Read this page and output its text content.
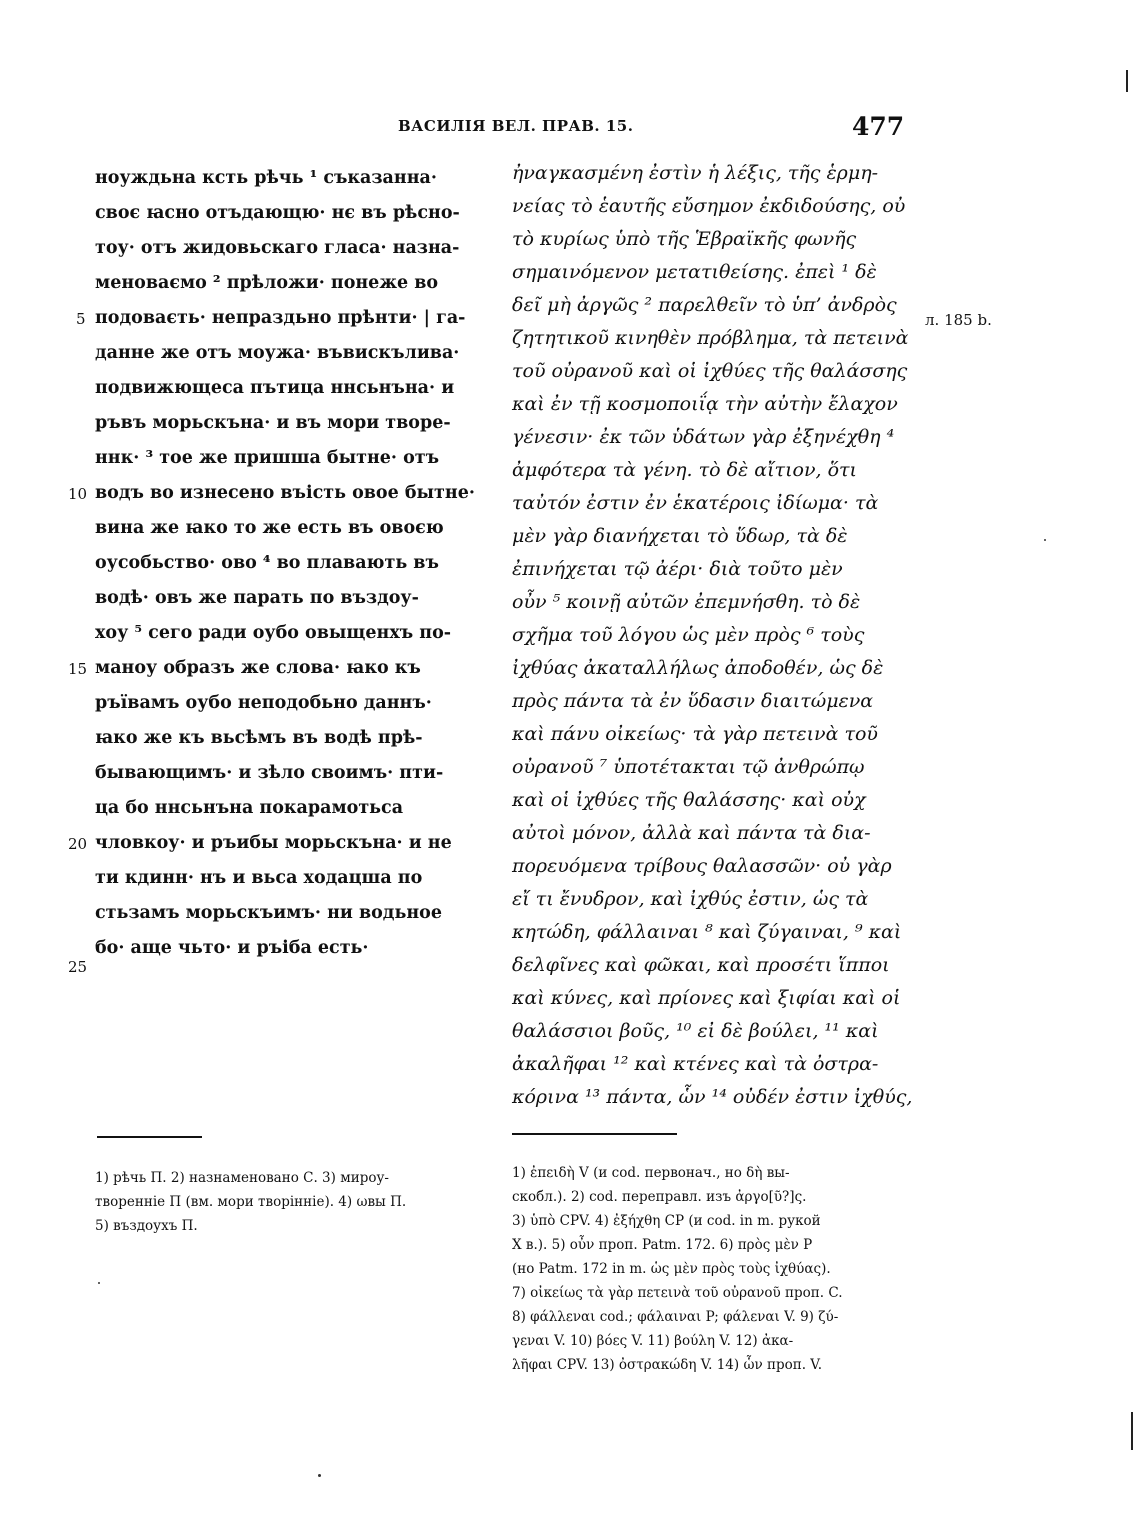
ВАСИЛІЯ ВЕЛ. ПРАВ. 15.	477
ноуждьна ксть рѣчь ¹ съказанна·
своє ꙗсно отъдающю· нє въ рѣсно-
тоу· отъ жидовьскаго гласа· назна-
меноваємо ² прѣложи· понеже во
подоваєть· непраздьно прѣнти· | га-
данне же отъ моужа· въвискълива·
подвижющеса пътица ннсьнъна· и
ръвъ морьскъна· и въ мори творе-
ннк· ³ тое же пришша бытне· отъ
водъ во изнесено въість овое бытне·
вина же ꙗко то же есть въ овоєю
оусобьство· ово ⁴ во плавають въ
водѣ· овъ же парать по въздоу-
хоу ⁵ сего ради оубо овыщенхъ по-
маноу образъ же слова· ꙗко къ
ръївамъ оубо неподобьно даннъ·
ꙗко же къ вьсѣмъ въ водѣ прѣ-
бывающимъ· и зѣло своимъ· пти-
ца бо ннсьнъна покарамотьса
чловкоу· и ръибы морьскъна· и не
ти кдинн· нъ и вьса ходацша по
стьзамъ морьскъимъ· ни водьное
бо· аще чьто· и ръіба есть·
5
10
15
20
25
ἠναγκασμένη ἐστὶν ἡ λέξις, τῆς ἑρμη-
νείας τὸ ἑαυτῆς εὔσημον ἐκδιδούσης, οὐ
τὸ κυρίως ὑπὸ τῆς Ἑβραϊκῆς φωνῆς
σημαινόμενον μετατιθείσης. ἐπεὶ ¹ δὲ
δεῖ μὴ ἀργῶς ² παρελθεῖν τὸ ὑπ’ ἀνδρὸς
ζητητικοῦ κινηθὲν πρόβλημα, τὰ πετεινὰ
τοῦ οὐρανοῦ καὶ οἱ ἰχθύες τῆς θαλάσσης
καὶ ἐν τῇ κοσμοποιΐᾳ τὴν αὐτὴν ἔλαχον
γένεσιν· ἐκ τῶν ὑδάτων γὰρ ἐξηνέχθη ⁴
ἀμφότερα τὰ γένη. τὸ δὲ αἴτιον, ὅτι
ταὐτόν ἐστιν ἐν ἑκατέροις ἰδίωμα· τὰ
μὲν γὰρ διανήχεται τὸ ὕδωρ, τὰ δὲ
ἐπινήχεται τῷ ἀέρι· διὰ τοῦτο μὲν
οὖν ⁵ κοινῇ αὐτῶν ἐπεμνήσθη. τὸ δὲ
σχῆμα τοῦ λόγου ὡς μὲν πρὸς ⁶ τοὺς
ἰχθύας ἀκαταλλήλως ἀποδοθέν, ὡς δὲ
πρὸς πάντα τὰ ἐν ὕδασιν διαιτώμενα
καὶ πάνυ οἰκείως· τὰ γὰρ πετεινὰ τοῦ
οὐρανοῦ ⁷ ὑποτέτακται τῷ ἀνθρώπῳ
καὶ οἱ ἰχθύες τῆς θαλάσσης· καὶ οὐχ
αὐτοὶ μόνον, ἀλλὰ καὶ πάντα τὰ δια-
πορευόμενα τρίβους θαλασσῶν· οὐ γὰρ
εἴ τι ἔνυδρον, καὶ ἰχθύς ἐστιν, ὡς τὰ
κητώδη, φάλλαιναι ⁸ καὶ ζύγαιναι, ⁹ καὶ
δελφῖνες καὶ φῶκαι, καὶ προσέτι ἵπποι
καὶ κύνες, καὶ πρίονες καὶ ξιφίαι καὶ οἱ
θαλάσσιοι βοῦς, ¹⁰ εἰ δὲ βούλει, ¹¹ καὶ
ἀκαλῆφαι ¹² καὶ κτένες καὶ τὰ ὀστρα-
κόρινα ¹³ πάντα, ὧν ¹⁴ οὐδέν ἐστιν ἰχθύς,
л. 185 b.
1) рѣчь П. 2) назнаменовано С. 3) мироу-
творенніе П (вм. мори творінніе). 4) ωвы П.
5) въздоухъ П.
1) ἐπειδὴ V (и cod. первонач., но δὴ вы-
скобл.). 2) cod. переправл. изъ ἀργο[ῦ?]ς.
3) ὑπὸ CPV. 4) ἐξήχθη CP (и cod. in m. рукой
X в.). 5) οὖν проп. Patm. 172. 6) πρὸς μὲν P
(но Patm. 172 in m. ὡς μὲν πρὸς τοὺς ἰχθύας).
7) οἰκείως τὰ γὰρ πετεινὰ τοῦ οὐρανοῦ проп. C.
8) φάλλεναι cod.; φάλαιναι P; φάλεναι V. 9) ζύ-
γεναι V. 10) βόες V. 11) βούλη V. 12) ἀκα-
λῆφαι CPV. 13) ὀστρακώδη V. 14) ὧν проп. V.
